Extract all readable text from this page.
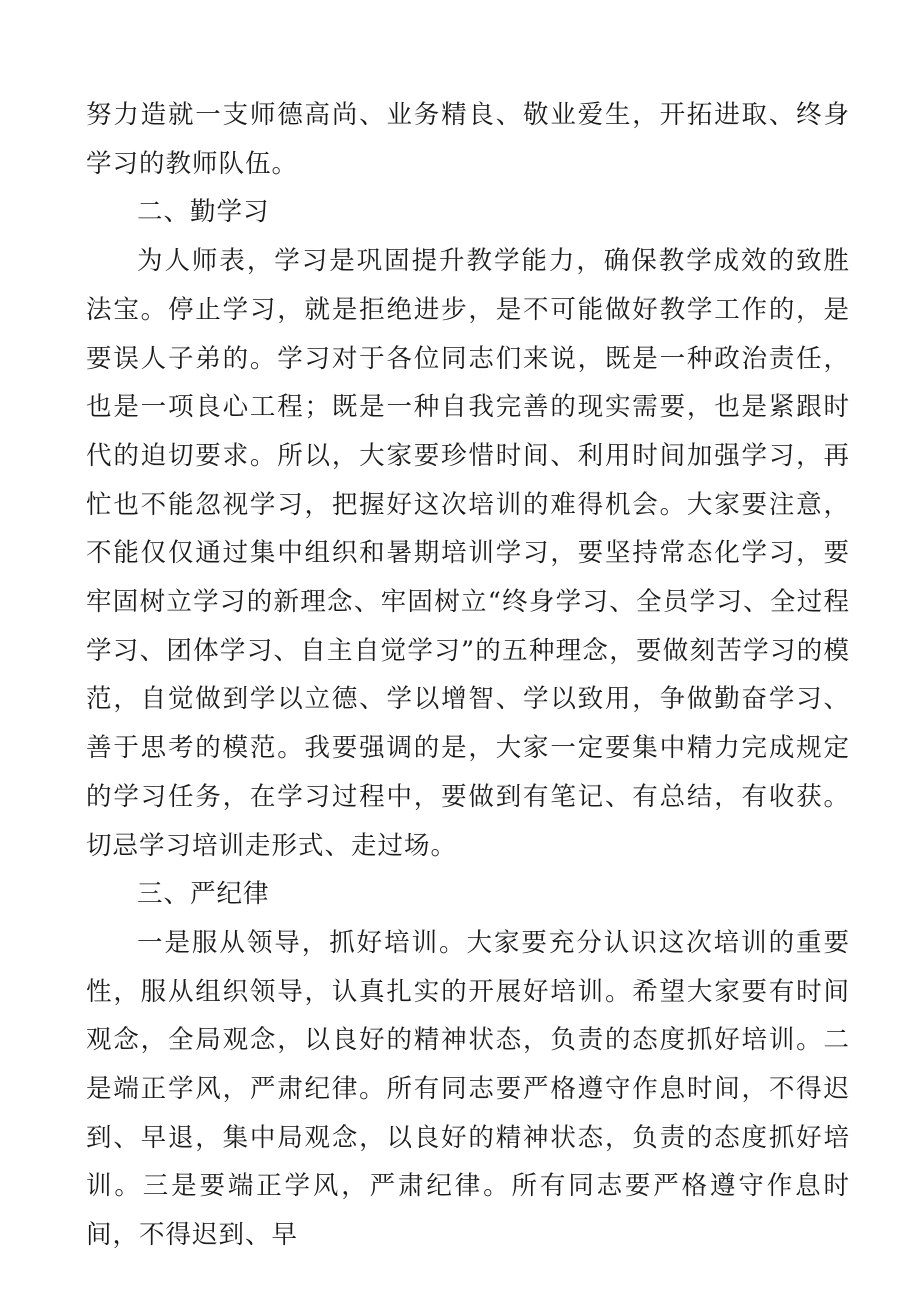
努力造就一支师德高尚、业务精良、敬业爱生，开拓进取、终身学习的教师队伍。

二、勤学习

为人师表，学习是巩固提升教学能力，确保教学成效的致胜法宝。停止学习，就是拒绝进步，是不可能做好教学工作的，是要误人子弟的。学习对于各位同志们来说，既是一种政治责任，也是一项良心工程；既是一种自我完善的现实需要，也是紧跟时代的迫切要求。所以，大家要珍惜时间、利用时间加强学习，再忙也不能忽视学习，把握好这次培训的难得机会。大家要注意，不能仅仅通过集中组织和暑期培训学习，要坚持常态化学习，要牢固树立学习的新理念、牢固树立“终身学习、全员学习、全过程学习、团体学习、自主自觉学习”的五种理念，要做刻苦学习的模范，自觉做到学以立德、学以增智、学以致用，争做勤奋学习、善于思考的模范。我要强调的是，大家一定要集中精力完成规定的学习任务，在学习过程中，要做到有笔记、有总结，有收获。切忌学习培训走形式、走过场。

三、严纪律

一是服从领导，抓好培训。大家要充分认识这次培训的重要性，服从组织领导，认真扎实的开展好培训。希望大家要有时间观念，全局观念，以良好的精神状态，负责的态度抓好培训。二是端正学风，严肃纪律。所有同志要严格遵守作息时间，不得迟到、早退，集中局观念，以良好的精神状态，负责的态度抓好培训。三是要端正学风，严肃纪律。所有同志要严格遵守作息时间，不得迟到、早
